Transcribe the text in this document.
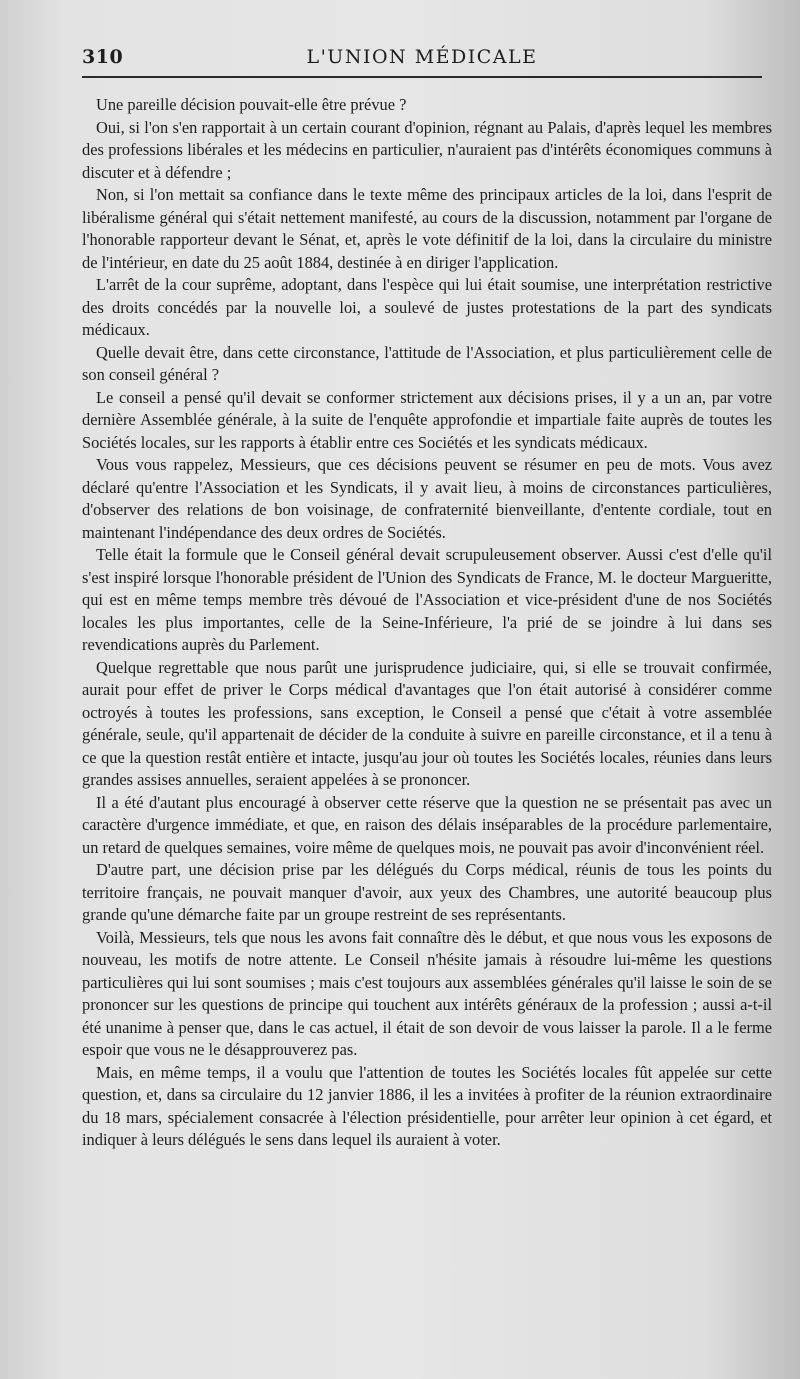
310	L'UNION MÉDICALE

Une pareille décision pouvait-elle être prévue ?

Oui, si l'on s'en rapportait à un certain courant d'opinion, régnant au Palais, d'après lequel les membres des professions libérales et les médecins en particulier, n'auraient pas d'intérêts économiques communs à discuter et à défendre ;

Non, si l'on mettait sa confiance dans le texte même des principaux articles de la loi, dans l'esprit de libéralisme général qui s'était nettement manifesté, au cours de la discussion, notamment par l'organe de l'honorable rapporteur devant le Sénat, et, après le vote définitif de la loi, dans la circulaire du ministre de l'intérieur, en date du 25 août 1884, destinée à en diriger l'application.

L'arrêt de la cour suprême, adoptant, dans l'espèce qui lui était soumise, une interprétation restrictive des droits concédés par la nouvelle loi, a soulevé de justes protestations de la part des syndicats médicaux.

Quelle devait être, dans cette circonstance, l'attitude de l'Association, et plus particulièrement celle de son conseil général ?

Le conseil a pensé qu'il devait se conformer strictement aux décisions prises, il y a un an, par votre dernière Assemblée générale, à la suite de l'enquête approfondie et impartiale faite auprès de toutes les Sociétés locales, sur les rapports à établir entre ces Sociétés et les syndicats médicaux.

Vous vous rappelez, Messieurs, que ces décisions peuvent se résumer en peu de mots. Vous avez déclaré qu'entre l'Association et les Syndicats, il y avait lieu, à moins de circonstances particulières, d'observer des relations de bon voisinage, de confraternité bienveillante, d'entente cordiale, tout en maintenant l'indépendance des deux ordres de Sociétés.

Telle était la formule que le Conseil général devait scrupuleusement observer. Aussi c'est d'elle qu'il s'est inspiré lorsque l'honorable président de l'Union des Syndicats de France, M. le docteur Margueritte, qui est en même temps membre très dévoué de l'Association et vice-président d'une de nos Sociétés locales les plus importantes, celle de la Seine-Inférieure, l'a prié de se joindre à lui dans ses revendications auprès du Parlement.

Quelque regrettable que nous parût une jurisprudence judiciaire, qui, si elle se trouvait confirmée, aurait pour effet de priver le Corps médical d'avantages que l'on était autorisé à considérer comme octroyés à toutes les professions, sans exception, le Conseil a pensé que c'était à votre assemblée générale, seule, qu'il appartenait de décider de la conduite à suivre en pareille circonstance, et il a tenu à ce que la question restât entière et intacte, jusqu'au jour où toutes les Sociétés locales, réunies dans leurs grandes assises annuelles, seraient appelées à se prononcer.

Il a été d'autant plus encouragé à observer cette réserve que la question ne se présentait pas avec un caractère d'urgence immédiate, et que, en raison des délais inséparables de la procédure parlementaire, un retard de quelques semaines, voire même de quelques mois, ne pouvait pas avoir d'inconvénient réel.

D'autre part, une décision prise par les délégués du Corps médical, réunis de tous les points du territoire français, ne pouvait manquer d'avoir, aux yeux des Chambres, une autorité beaucoup plus grande qu'une démarche faite par un groupe restreint de ses représentants.

Voilà, Messieurs, tels que nous les avons fait connaître dès le début, et que nous vous les exposons de nouveau, les motifs de notre attente. Le Conseil n'hésite jamais à résoudre lui-même les questions particulières qui lui sont soumises ; mais c'est toujours aux assemblées générales qu'il laisse le soin de se prononcer sur les questions de principe qui touchent aux intérêts généraux de la profession ; aussi a-t-il été unanime à penser que, dans le cas actuel, il était de son devoir de vous laisser la parole. Il a le ferme espoir que vous ne le désapprouverez pas.

Mais, en même temps, il a voulu que l'attention de toutes les Sociétés locales fût appelée sur cette question, et, dans sa circulaire du 12 janvier 1886, il les a invitées à profiter de la réunion extraordinaire du 18 mars, spécialement consacrée à l'élection présidentielle, pour arrêter leur opinion à cet égard, et indiquer à leurs délégués le sens dans lequel ils auraient à voter.
